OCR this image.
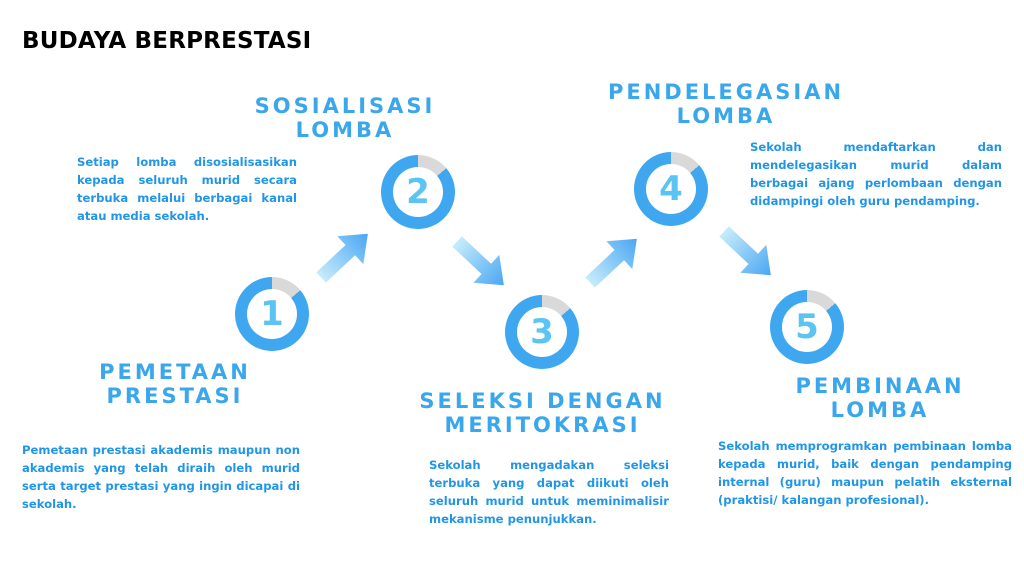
BUDAYA BERPRESTASI
1
PEMETAAN
PRESTASI
Pemetaan prestasi akademis maupun non akademis yang telah diraih oleh murid serta target prestasi yang ingin dicapai di sekolah.
2
SOSIALISASI
LOMBA
Setiap lomba disosialisasikan kepada seluruh murid secara terbuka melalui berbagai kanal atau media sekolah.
3
SELEKSI DENGAN
MERITOKRASI
Sekolah mengadakan seleksi terbuka yang dapat diikuti oleh seluruh murid untuk meminimalisir mekanisme penunjukkan.
4
PENDELEGASIAN
LOMBA
Sekolah mendaftarkan dan mendelegasikan murid dalam berbagai ajang perlombaan dengan didampingi oleh guru pendamping.
5
PEMBINAAN
LOMBA
Sekolah memprogramkan pembinaan lomba kepada murid, baik dengan pendamping internal (guru) maupun pelatih eksternal (praktisi/ kalangan profesional).
